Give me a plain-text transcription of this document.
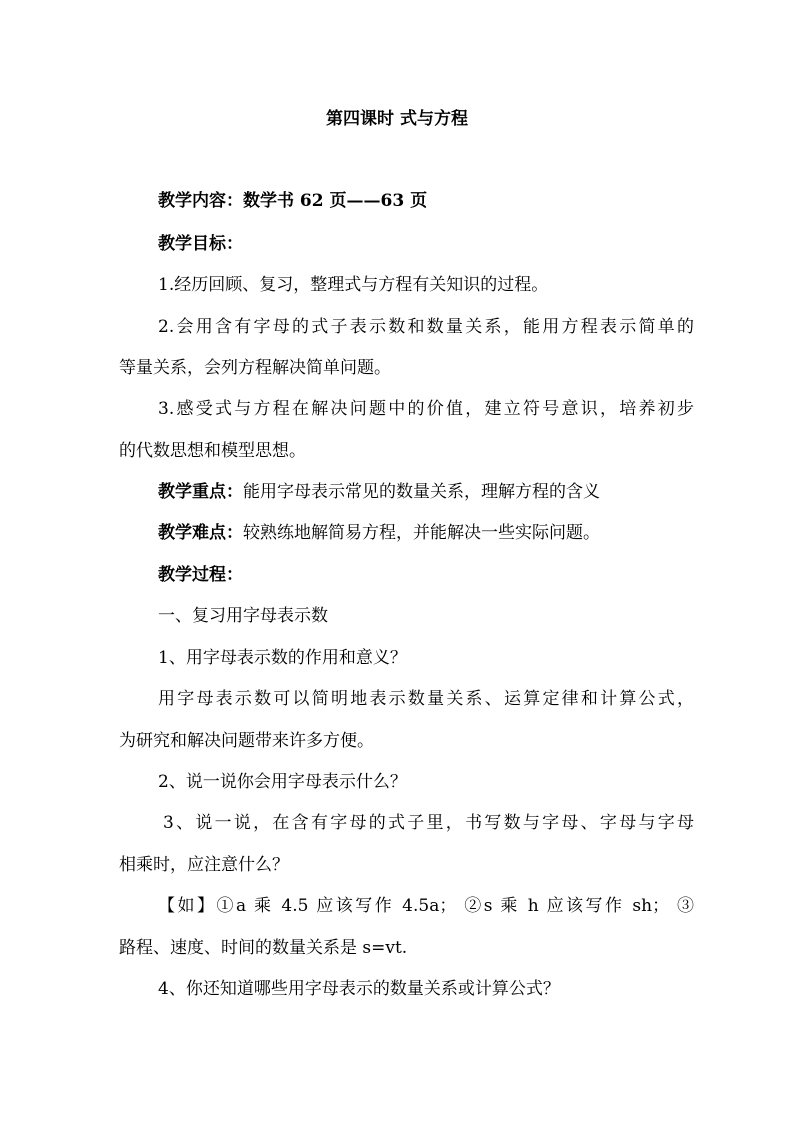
第四课时 式与方程
教学内容：数学书 62 页——63 页
教学目标：
1.经历回顾、复习，整理式与方程有关知识的过程。
2.会用含有字母的式子表示数和数量关系，能用方程表示简单的
等量关系，会列方程解决简单问题。
3.感受式与方程在解决问题中的价值，建立符号意识，培养初步
的代数思想和模型思想。
教学重点：能用字母表示常见的数量关系，理解方程的含义
教学难点：较熟练地解简易方程，并能解决一些实际问题。
教学过程：
一、复习用字母表示数
1、用字母表示数的作用和意义？
用字母表示数可以简明地表示数量关系、运算定律和计算公式，
为研究和解决问题带来许多方便。
2、说一说你会用字母表示什么？
3、说一说，在含有字母的式子里，书写数与字母、字母与字母
相乘时，应注意什么？
【如】①a 乘 4.5 应该写作 4.5a； ②s 乘 h 应该写作 sh； ③
路程、速度、时间的数量关系是 s=vt.
4、你还知道哪些用字母表示的数量关系或计算公式？
